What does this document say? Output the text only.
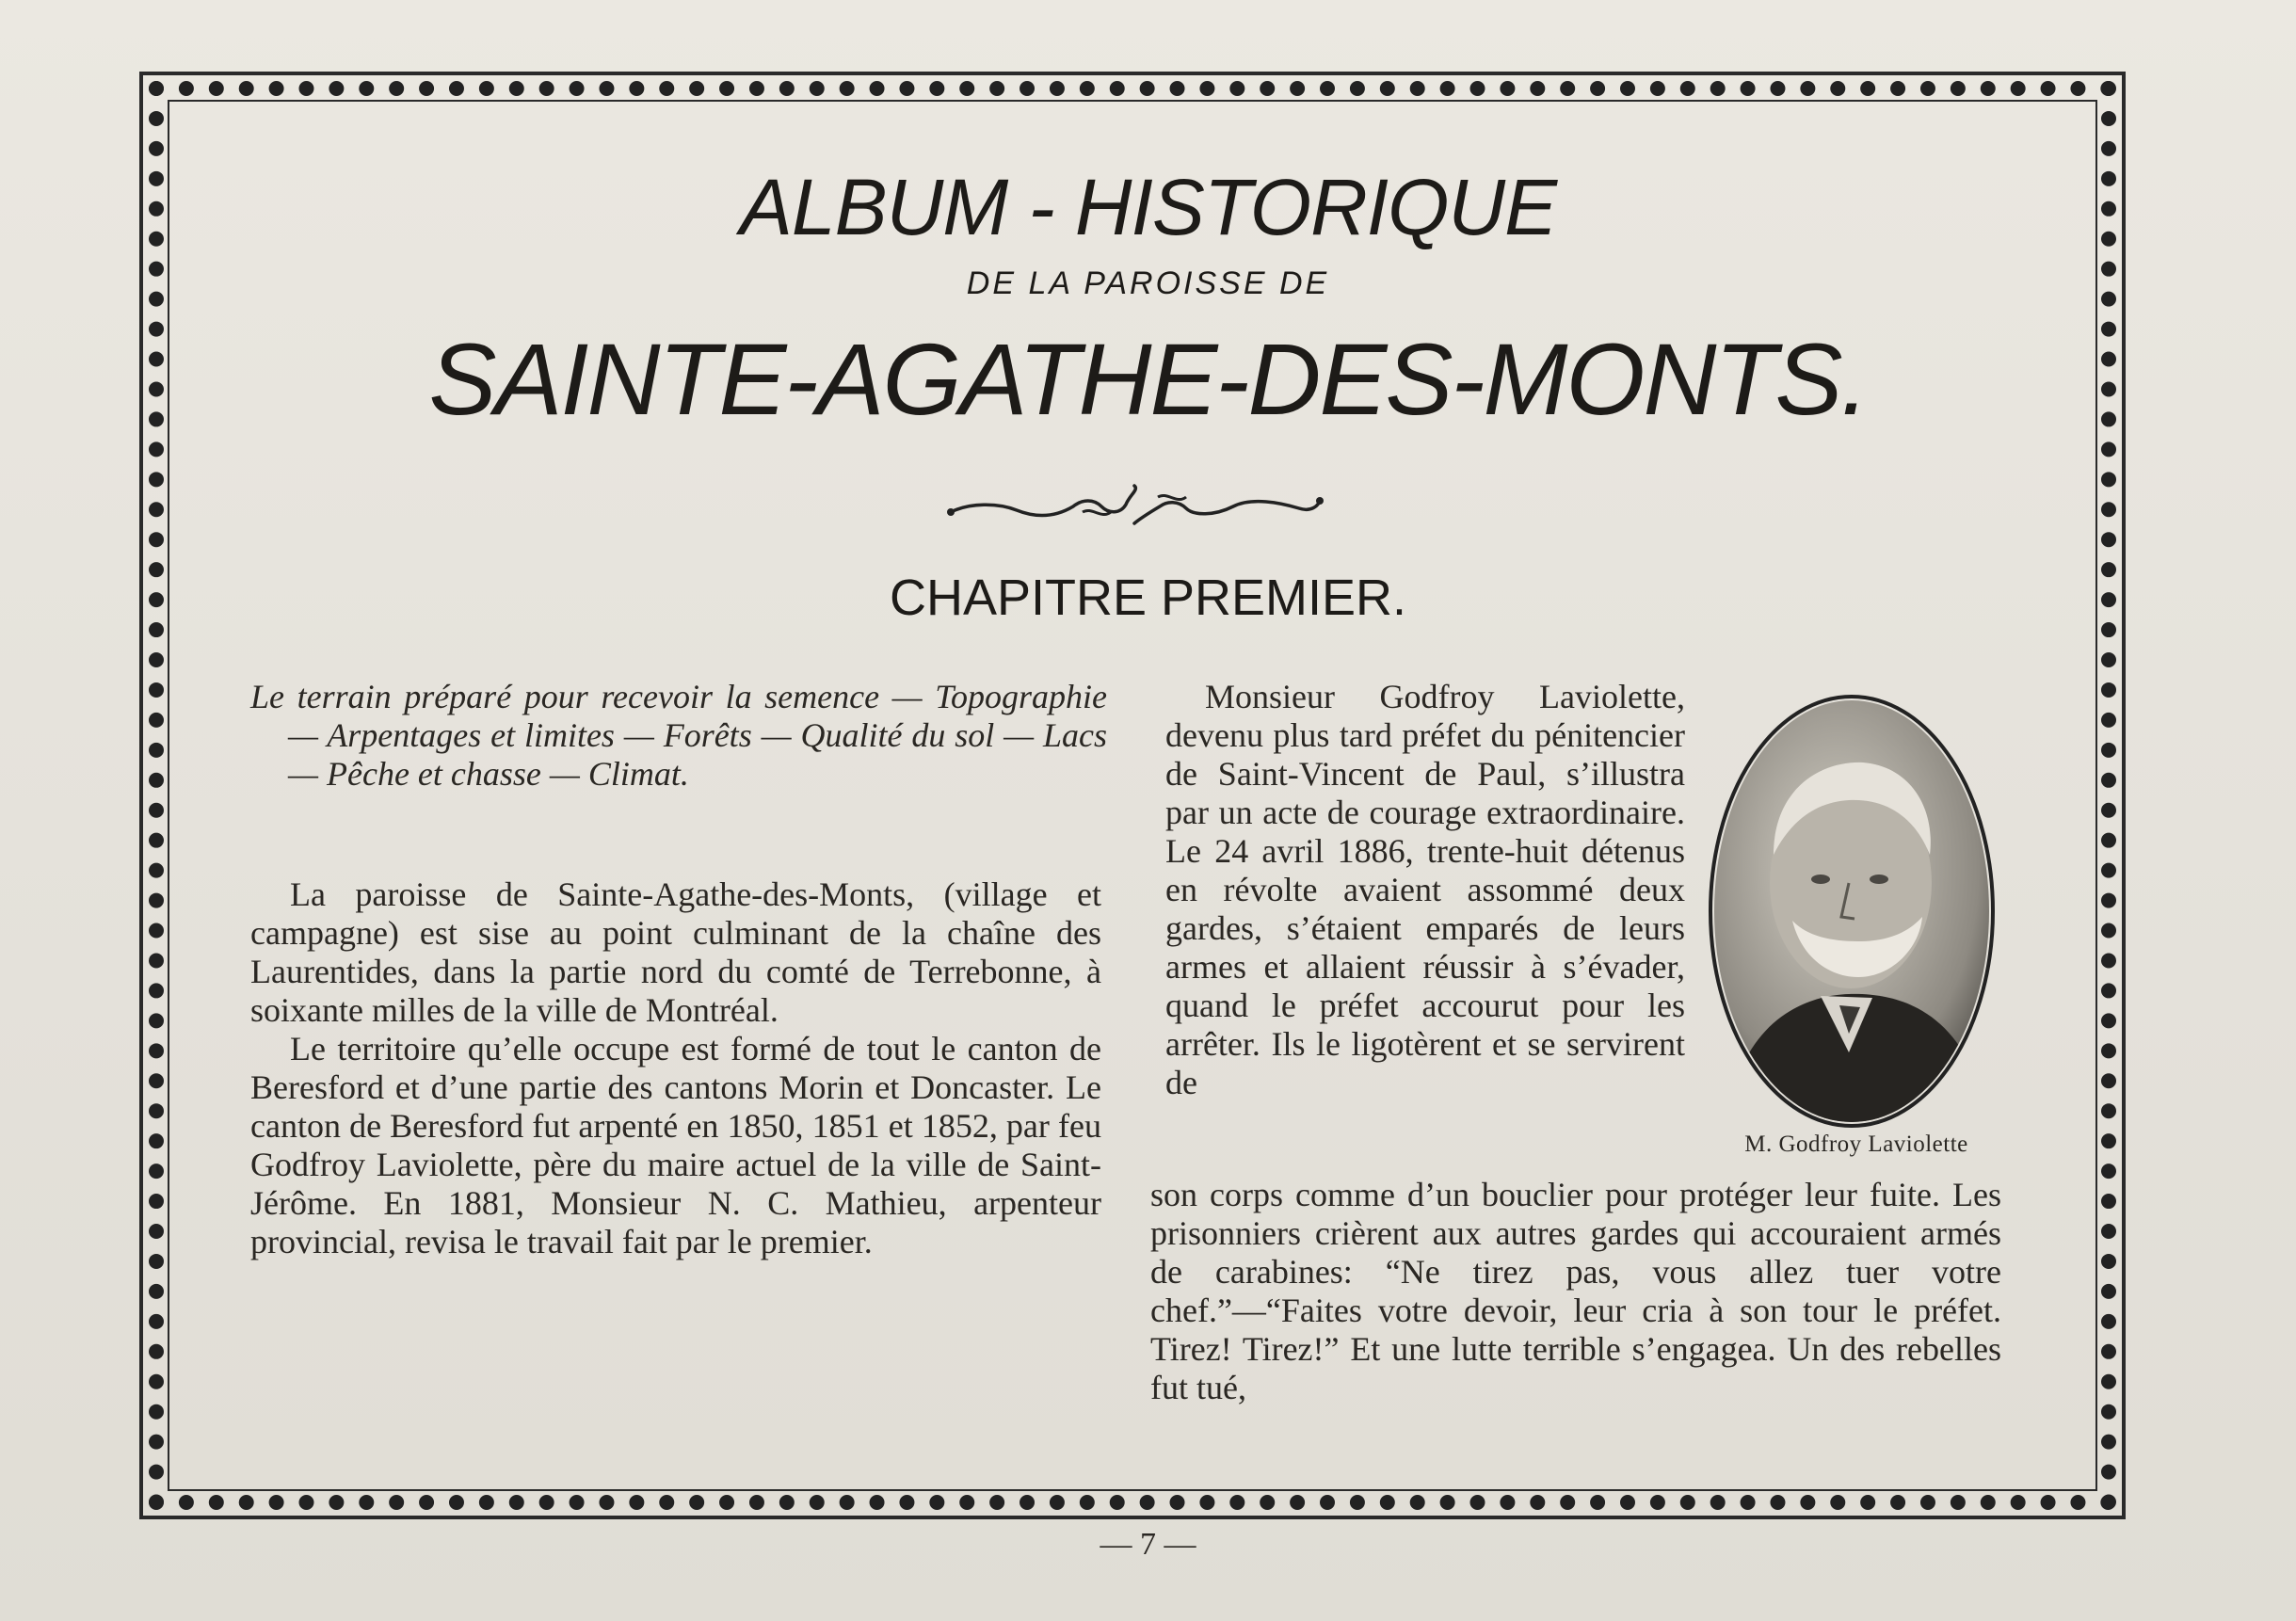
ALBUM - HISTORIQUE
DE LA PAROISSE DE
SAINTE-AGATHE-DES-MONTS.
CHAPITRE PREMIER.
Le terrain préparé pour recevoir la semence — Topographie — Arpentages et limites — Forêts — Qualité du sol — Lacs — Pêche et chasse — Climat.

La paroisse de Sainte-Agathe-des-Monts, (village et campagne) est sise au point culminant de la chaîne des Laurentides, dans la partie nord du comté de Terrebonne, à soixante milles de la ville de Montréal.

Le territoire qu’elle occupe est formé de tout le canton de Beresford et d’une partie des cantons Morin et Doncaster. Le canton de Beresford fut arpenté en 1850, 1851 et 1852, par feu Godfroy Laviolette, père du maire actuel de la ville de Saint-Jérôme. En 1881, Monsieur N. C. Mathieu, arpenteur provincial, revisa le travail fait par le premier.

Monsieur Godfroy Laviolette, devenu plus tard préfet du pénitencier de Saint-Vincent de Paul, s’illustra par un acte de courage extraordinaire. Le 24 avril 1886, trente-huit détenus en révolte avaient assommé deux gardes, s’étaient emparés de leurs armes et allaient réussir à s’évader, quand le préfet accourut pour les arrêter. Ils le ligotèrent et se servirent de

M. Godfroy Laviolette

son corps comme d’un bouclier pour protéger leur fuite. Les prisonniers crièrent aux autres gardes qui accouraient armés de carabines: “Ne tirez pas, vous allez tuer votre chef.”—“Faites votre devoir, leur cria à son tour le préfet. Tirez! Tirez!” Et une lutte terrible s’engagea. Un des rebelles fut tué,

— 7 —
